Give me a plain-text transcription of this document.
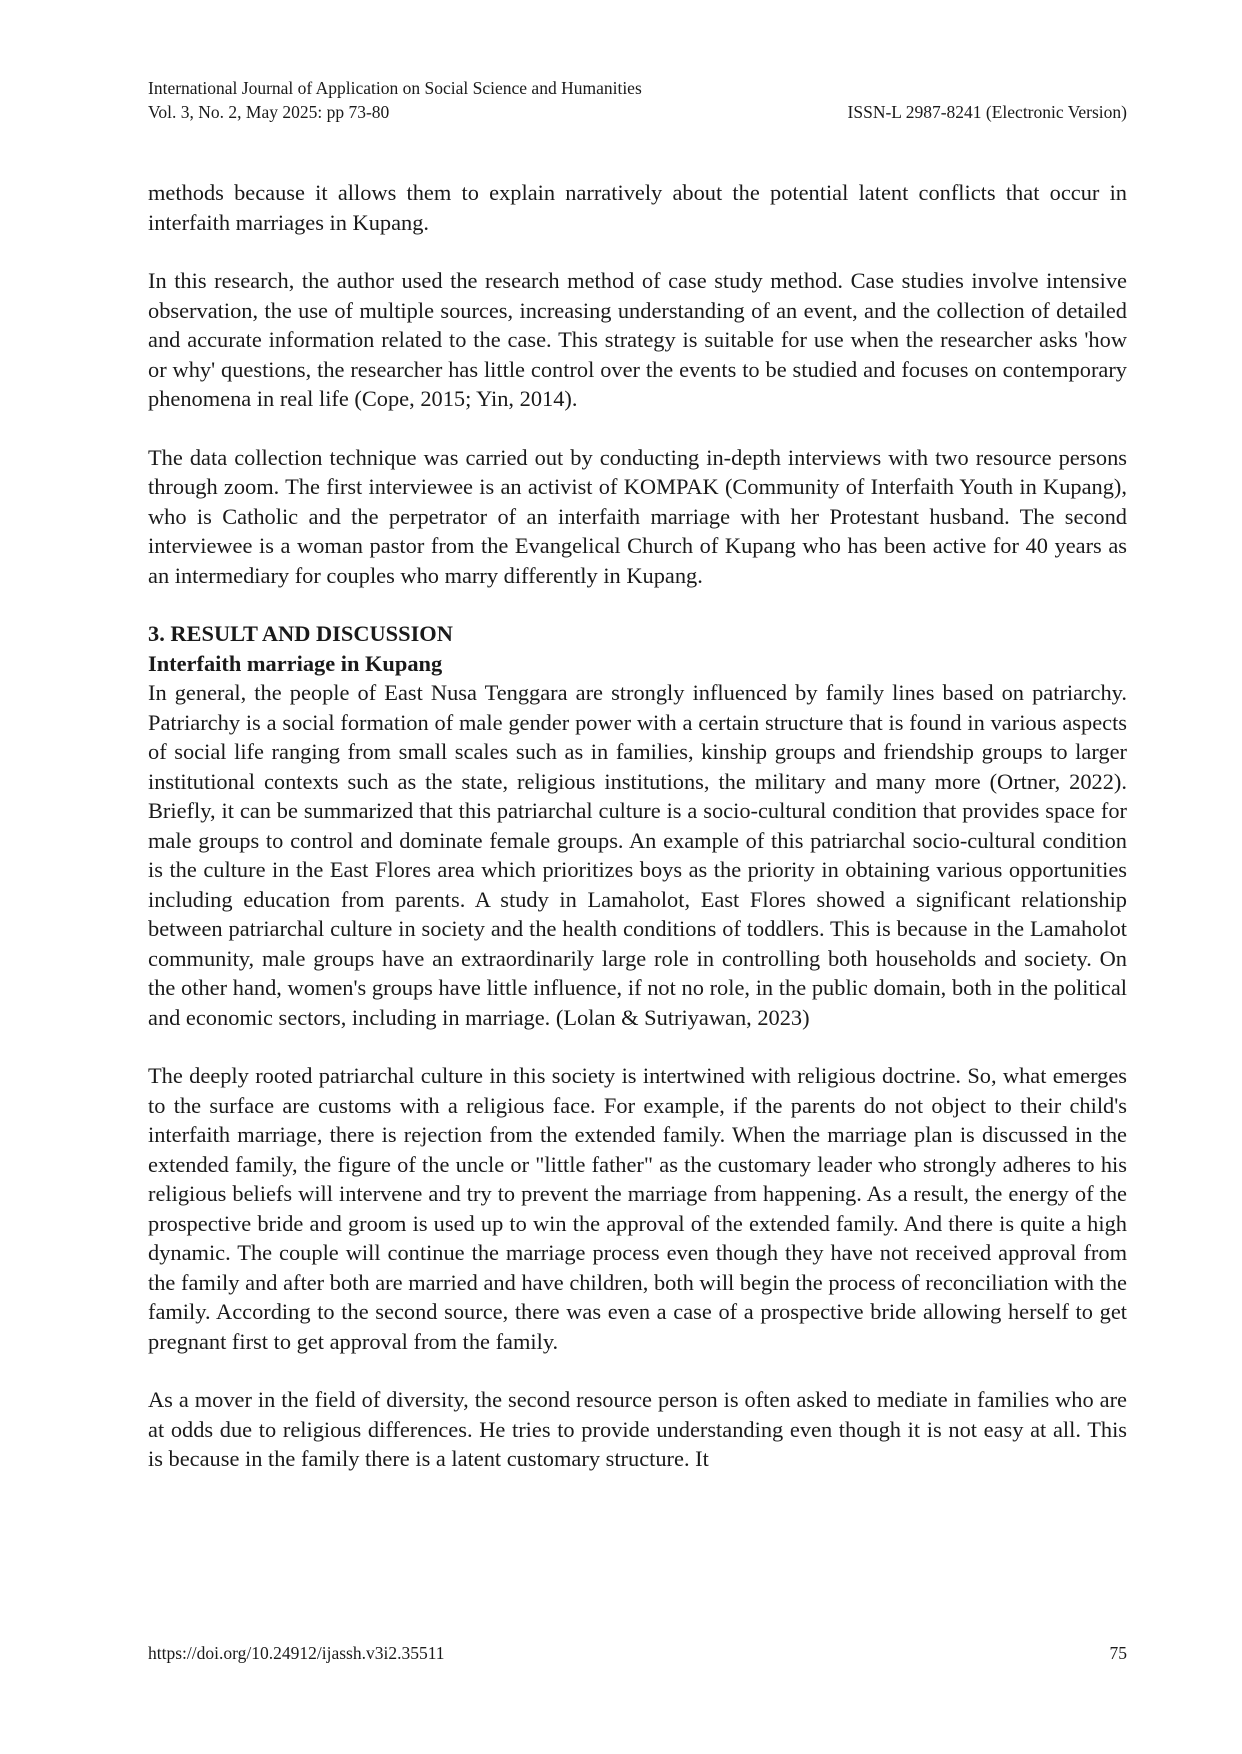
International Journal of Application on Social Science and Humanities
Vol. 3, No. 2, May 2025: pp 73-80	ISSN-L 2987-8241 (Electronic Version)

methods because it allows them to explain narratively about the potential latent conflicts that occur in interfaith marriages in Kupang.

In this research, the author used the research method of case study method. Case studies involve intensive observation, the use of multiple sources, increasing understanding of an event, and the collection of detailed and accurate information related to the case. This strategy is suitable for use when the researcher asks 'how or why' questions, the researcher has little control over the events to be studied and focuses on contemporary phenomena in real life (Cope, 2015; Yin, 2014).

The data collection technique was carried out by conducting in-depth interviews with two resource persons through zoom. The first interviewee is an activist of KOMPAK (Community of Interfaith Youth in Kupang), who is Catholic and the perpetrator of an interfaith marriage with her Protestant husband. The second interviewee is a woman pastor from the Evangelical Church of Kupang who has been active for 40 years as an intermediary for couples who marry differently in Kupang.

3. RESULT AND DISCUSSION
Interfaith marriage in Kupang

In general, the people of East Nusa Tenggara are strongly influenced by family lines based on patriarchy. Patriarchy is a social formation of male gender power with a certain structure that is found in various aspects of social life ranging from small scales such as in families, kinship groups and friendship groups to larger institutional contexts such as the state, religious institutions, the military and many more (Ortner, 2022). Briefly, it can be summarized that this patriarchal culture is a socio-cultural condition that provides space for male groups to control and dominate female groups. An example of this patriarchal socio-cultural condition is the culture in the East Flores area which prioritizes boys as the priority in obtaining various opportunities including education from parents. A study in Lamaholot, East Flores showed a significant relationship between patriarchal culture in society and the health conditions of toddlers. This is because in the Lamaholot community, male groups have an extraordinarily large role in controlling both households and society. On the other hand, women's groups have little influence, if not no role, in the public domain, both in the political and economic sectors, including in marriage. (Lolan & Sutriyawan, 2023)

The deeply rooted patriarchal culture in this society is intertwined with religious doctrine. So, what emerges to the surface are customs with a religious face. For example, if the parents do not object to their child's interfaith marriage, there is rejection from the extended family. When the marriage plan is discussed in the extended family, the figure of the uncle or "little father" as the customary leader who strongly adheres to his religious beliefs will intervene and try to prevent the marriage from happening. As a result, the energy of the prospective bride and groom is used up to win the approval of the extended family. And there is quite a high dynamic. The couple will continue the marriage process even though they have not received approval from the family and after both are married and have children, both will begin the process of reconciliation with the family. According to the second source, there was even a case of a prospective bride allowing herself to get pregnant first to get approval from the family.

As a mover in the field of diversity, the second resource person is often asked to mediate in families who are at odds due to religious differences. He tries to provide understanding even though it is not easy at all. This is because in the family there is a latent customary structure. It

https://doi.org/10.24912/ijassh.v3i2.35511	75
